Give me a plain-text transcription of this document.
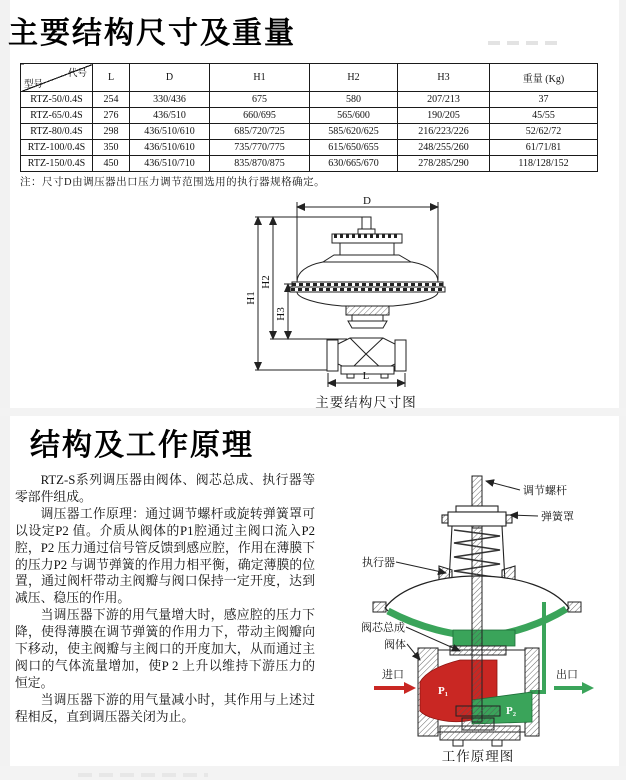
主要结构尺寸及重量
代号
型号	L	D	H1	H2	H3	重量 (Kg)
RTZ-50/0.4S	254	330/436	675	580	207/213	37
RTZ-65/0.4S	276	436/510	660/695	565/600	190/205	45/55
RTZ-80/0.4S	298	436/510/610	685/720/725	585/620/625	216/223/226	52/62/72
RTZ-100/0.4S	350	436/510/610	735/770/775	615/650/655	248/255/260	61/71/81
RTZ-150/0.4S	450	436/510/710	835/870/875	630/665/670	278/285/290	118/128/152
注：尺寸D由调压器出口压力调节范围选用的执行器规格确定。
D
H1
H2
H3
L
主要结构尺寸图
结构及工作原理

RTZ-S系列调压器由阀体、阀芯总成、执行器等零部件组成。

调压器工作原理：通过调节螺杆或旋转弹簧罩可以设定P2 值。介质从阀体的P1腔通过主阀口流入P2 腔，P2 压力通过信号管反馈到感应腔，作用在薄膜下的压力P2 与调节弹簧的作用力相平衡，确定薄膜的位置，通过阀杆带动主阀瓣与阀口保持一定开度，达到减压、稳压的作用。

当调压器下游的用气量增大时，感应腔的压力下降，使得薄膜在调节弹簧的作用力下，带动主阀瓣向下移动，使主阀瓣与主阀口的开度加大，从而通过主阀口的气体流量增加，使P 2 上升以维持下游压力的恒定。

当调压器下游的用气量减小时，其作用与上述过程相反，直到调压器关闭为止。

调节螺杆
弹簧罩
执行器
阀芯总成
阀体
进口	出口
P₁
P₂
工作原理图
